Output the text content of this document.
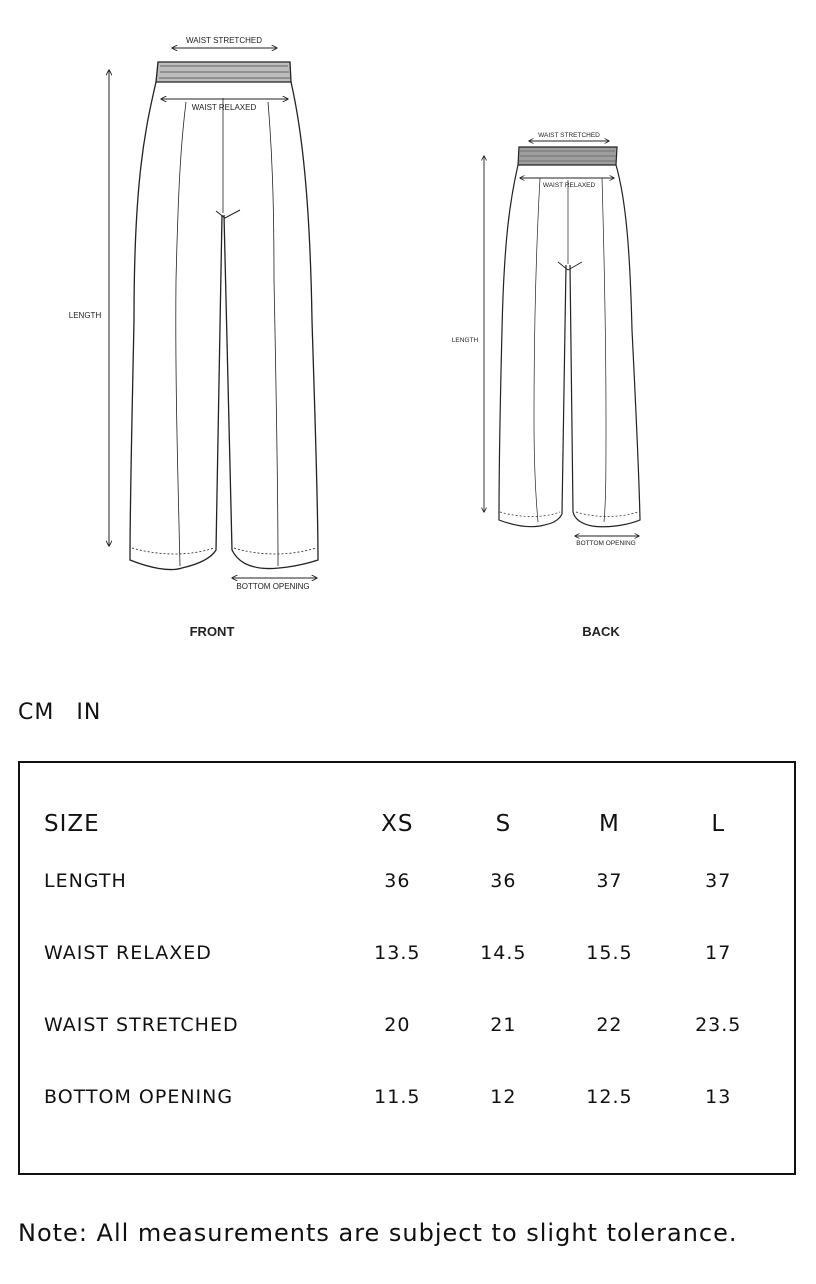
WAIST STRETCHED
WAIST RELAXED
LENGTH
BOTTOM OPENING
FRONT
WAIST STRETCHED
WAIST RELAXED
LENGTH
BOTTOM OPENING
BACK
CM IN
SIZE	XS	S	M	L
LENGTH	36	36	37	37
WAIST RELAXED	13.5	14.5	15.5	17
WAIST STRETCHED	20	21	22	23.5
BOTTOM OPENING	11.5	12	12.5	13
Note: All measurements are subject to slight tolerance.
